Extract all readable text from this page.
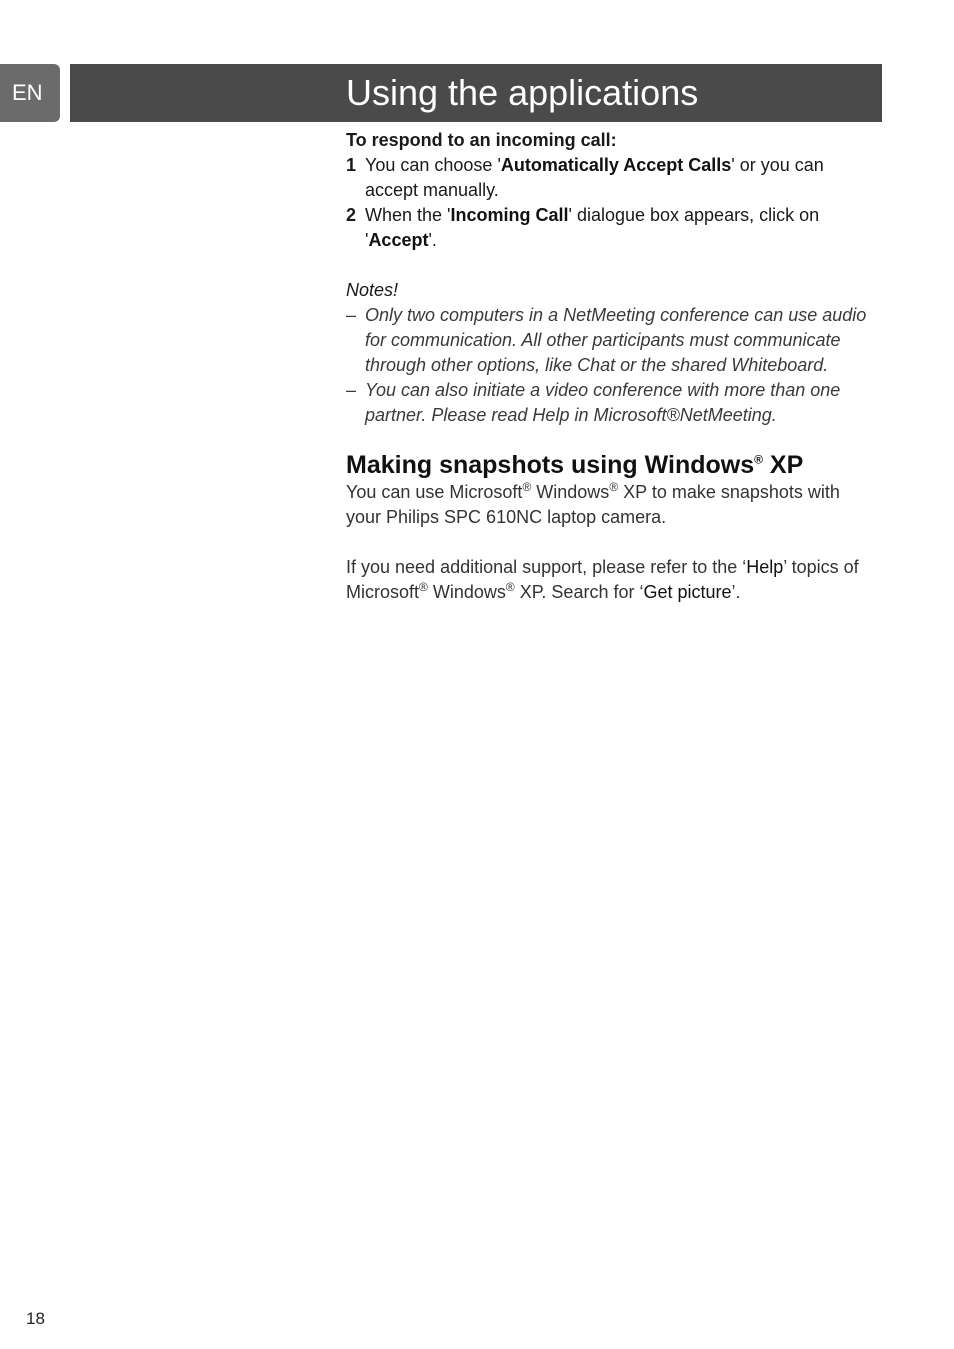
EN	Using the applications

To respond to an incoming call:

1 You can choose 'Automatically Accept Calls' or you can accept manually.
2 When the 'Incoming Call' dialogue box appears, click on 'Accept'.
Notes!
– Only two computers in a NetMeeting conference can use audio for communication. All other participants must communicate through other options, like Chat or the shared Whiteboard.
– You can also initiate a video conference with more than one partner. Please read Help in Microsoft®NetMeeting.
Making snapshots using Windows® XP
You can use Microsoft® Windows® XP to make snapshots with your Philips SPC 610NC laptop camera.
If you need additional support, please refer to the ‘Help’ topics of Microsoft® Windows® XP. Search for ‘Get picture’.
18
